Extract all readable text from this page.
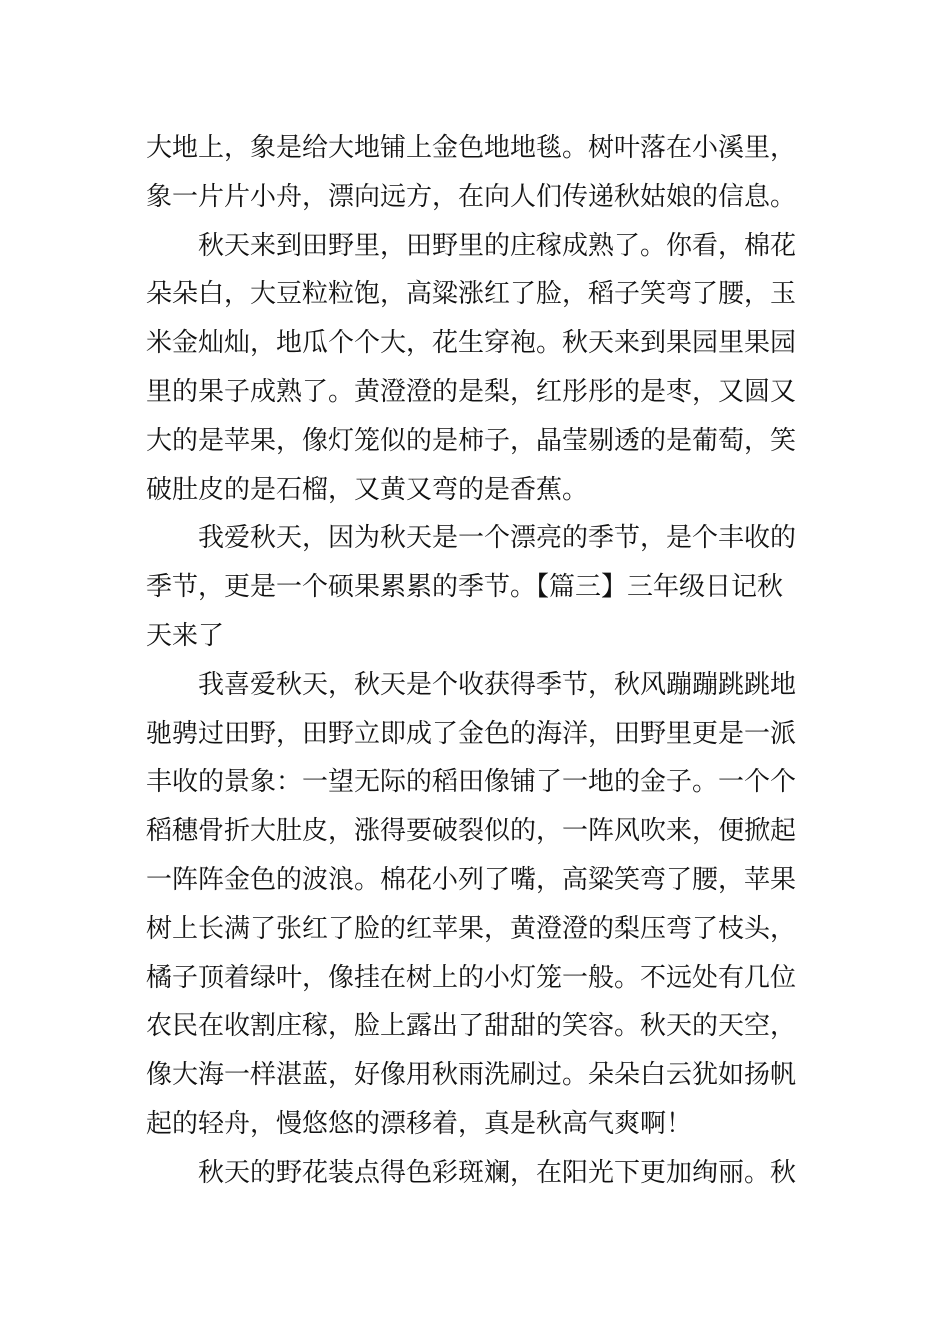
大地上，象是给大地铺上金色地地毯。树叶落在小溪里，
象一片片小舟，漂向远方，在向人们传递秋姑娘的信息。
秋天来到田野里，田野里的庄稼成熟了。你看，棉花
朵朵白，大豆粒粒饱，高粱涨红了脸，稻子笑弯了腰，玉
米金灿灿，地瓜个个大，花生穿袍。秋天来到果园里果园
里的果子成熟了。黄澄澄的是梨，红彤彤的是枣，又圆又
大的是苹果，像灯笼似的是柿子，晶莹剔透的是葡萄，笑
破肚皮的是石榴，又黄又弯的是香蕉。
我爱秋天，因为秋天是一个漂亮的季节，是个丰收的
季节，更是一个硕果累累的季节。【篇三】三年级日记秋
天来了
我喜爱秋天，秋天是个收获得季节，秋风蹦蹦跳跳地
驰骋过田野，田野立即成了金色的海洋，田野里更是一派
丰收的景象：一望无际的稻田像铺了一地的金子。一个个
稻穗骨折大肚皮，涨得要破裂似的，一阵风吹来，便掀起
一阵阵金色的波浪。棉花小列了嘴，高粱笑弯了腰，苹果
树上长满了张红了脸的红苹果，黄澄澄的梨压弯了枝头，
橘子顶着绿叶，像挂在树上的小灯笼一般。不远处有几位
农民在收割庄稼，脸上露出了甜甜的笑容。秋天的天空，
像大海一样湛蓝，好像用秋雨洗刷过。朵朵白云犹如扬帆
起的轻舟，慢悠悠的漂移着，真是秋高气爽啊！
秋天的野花装点得色彩斑斓，在阳光下更加绚丽。秋
